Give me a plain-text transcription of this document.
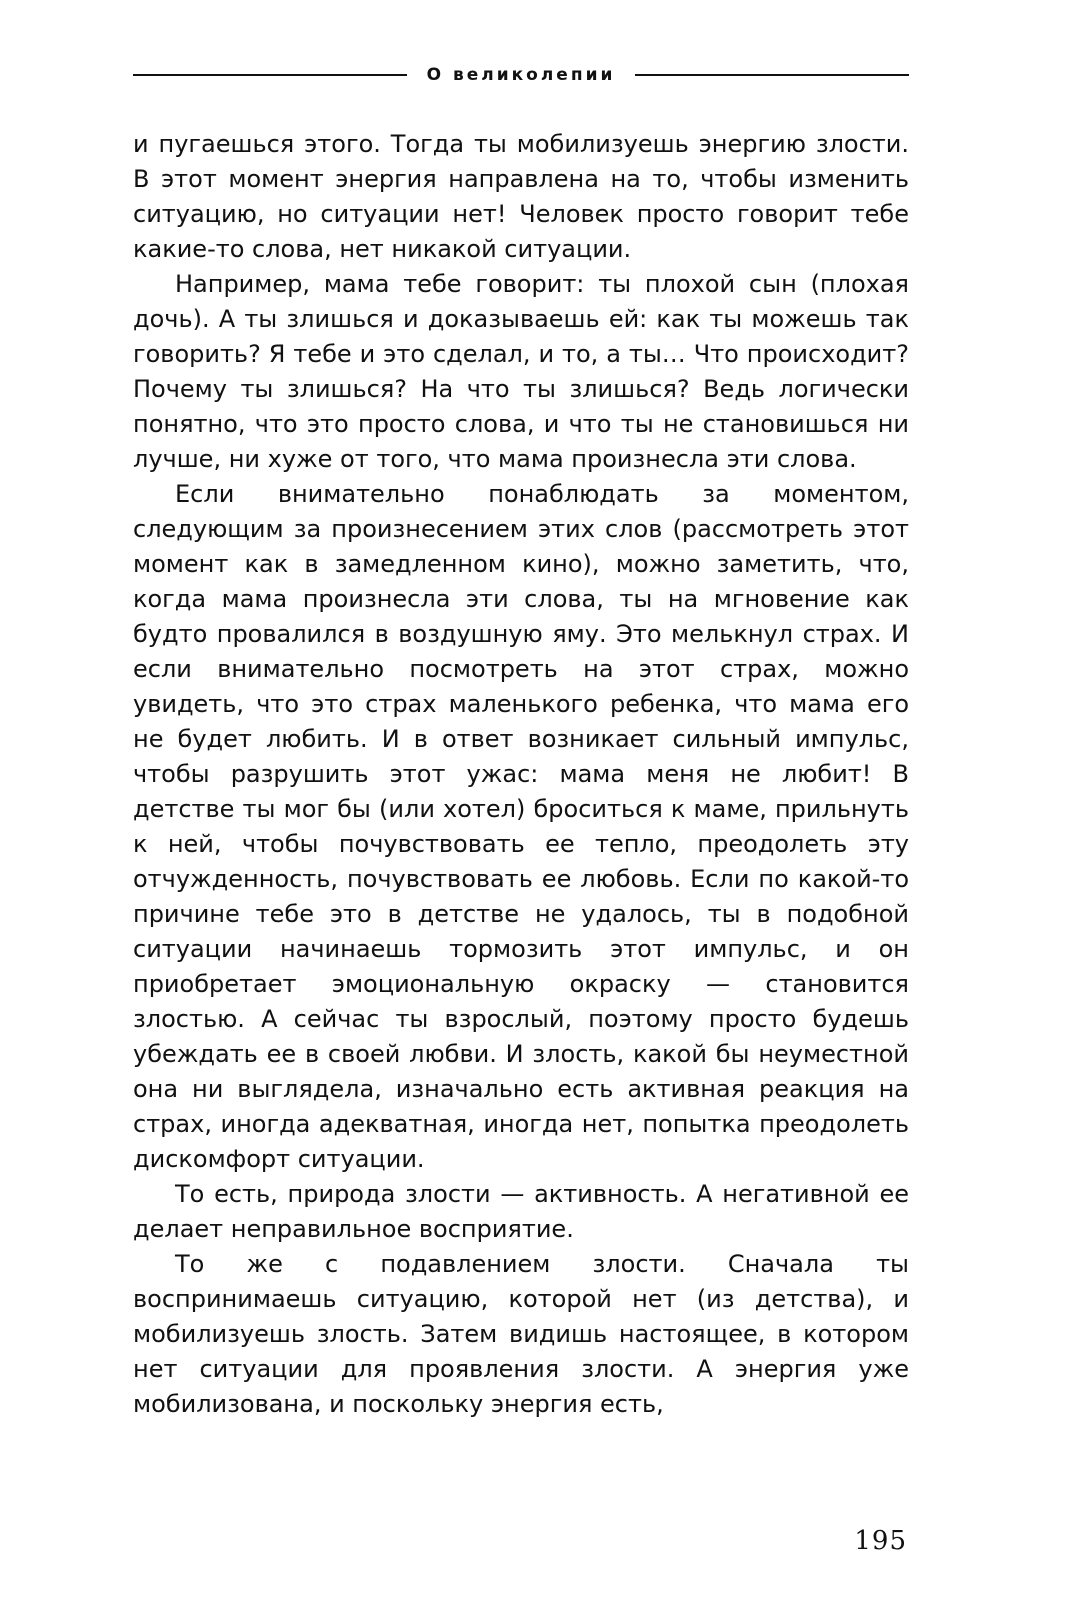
О великолепии

и пугаешься этого. Тогда ты мобилизуешь энергию злости. В этот момент энергия направлена на то, чтобы изменить ситуацию, но ситуации нет! Человек просто говорит тебе какие-то слова, нет никакой ситуации.

Например, мама тебе говорит: ты плохой сын (плохая дочь). А ты злишься и доказываешь ей: как ты можешь так говорить? Я тебе и это сделал, и то, а ты… Что происходит? Почему ты злишься? На что ты злишься? Ведь логически понятно, что это просто слова, и что ты не становишься ни лучше, ни хуже от того, что мама произнесла эти слова.

Если внимательно понаблюдать за моментом, следующим за произнесением этих слов (рассмотреть этот момент как в замедленном кино), можно заметить, что, когда мама произнесла эти слова, ты на мгновение как будто провалился в воздушную яму. Это мелькнул страх. И если внимательно посмотреть на этот страх, можно увидеть, что это страх маленького ребенка, что мама его не будет любить. И в ответ возникает сильный импульс, чтобы разрушить этот ужас: мама меня не любит! В детстве ты мог бы (или хотел) броситься к маме, прильнуть к ней, чтобы почувствовать ее тепло, преодолеть эту отчужденность, почувствовать ее любовь. Если по какой-то причине тебе это в детстве не удалось, ты в подобной ситуации начинаешь тормозить этот импульс, и он приобретает эмоциональную окраску — становится злостью. А сейчас ты взрослый, поэтому просто будешь убеждать ее в своей любви. И злость, какой бы неуместной она ни выглядела, изначально есть активная реакция на страх, иногда адекватная, иногда нет, попытка преодолеть дискомфорт ситуации.

То есть, природа злости — активность. А негативной ее делает неправильное восприятие.

То же с подавлением злости. Сначала ты воспринимаешь ситуацию, которой нет (из детства), и мобилизуешь злость. Затем видишь настоящее, в котором нет ситуации для проявления злости. А энергия уже мобилизована, и поскольку энергия есть,

195
